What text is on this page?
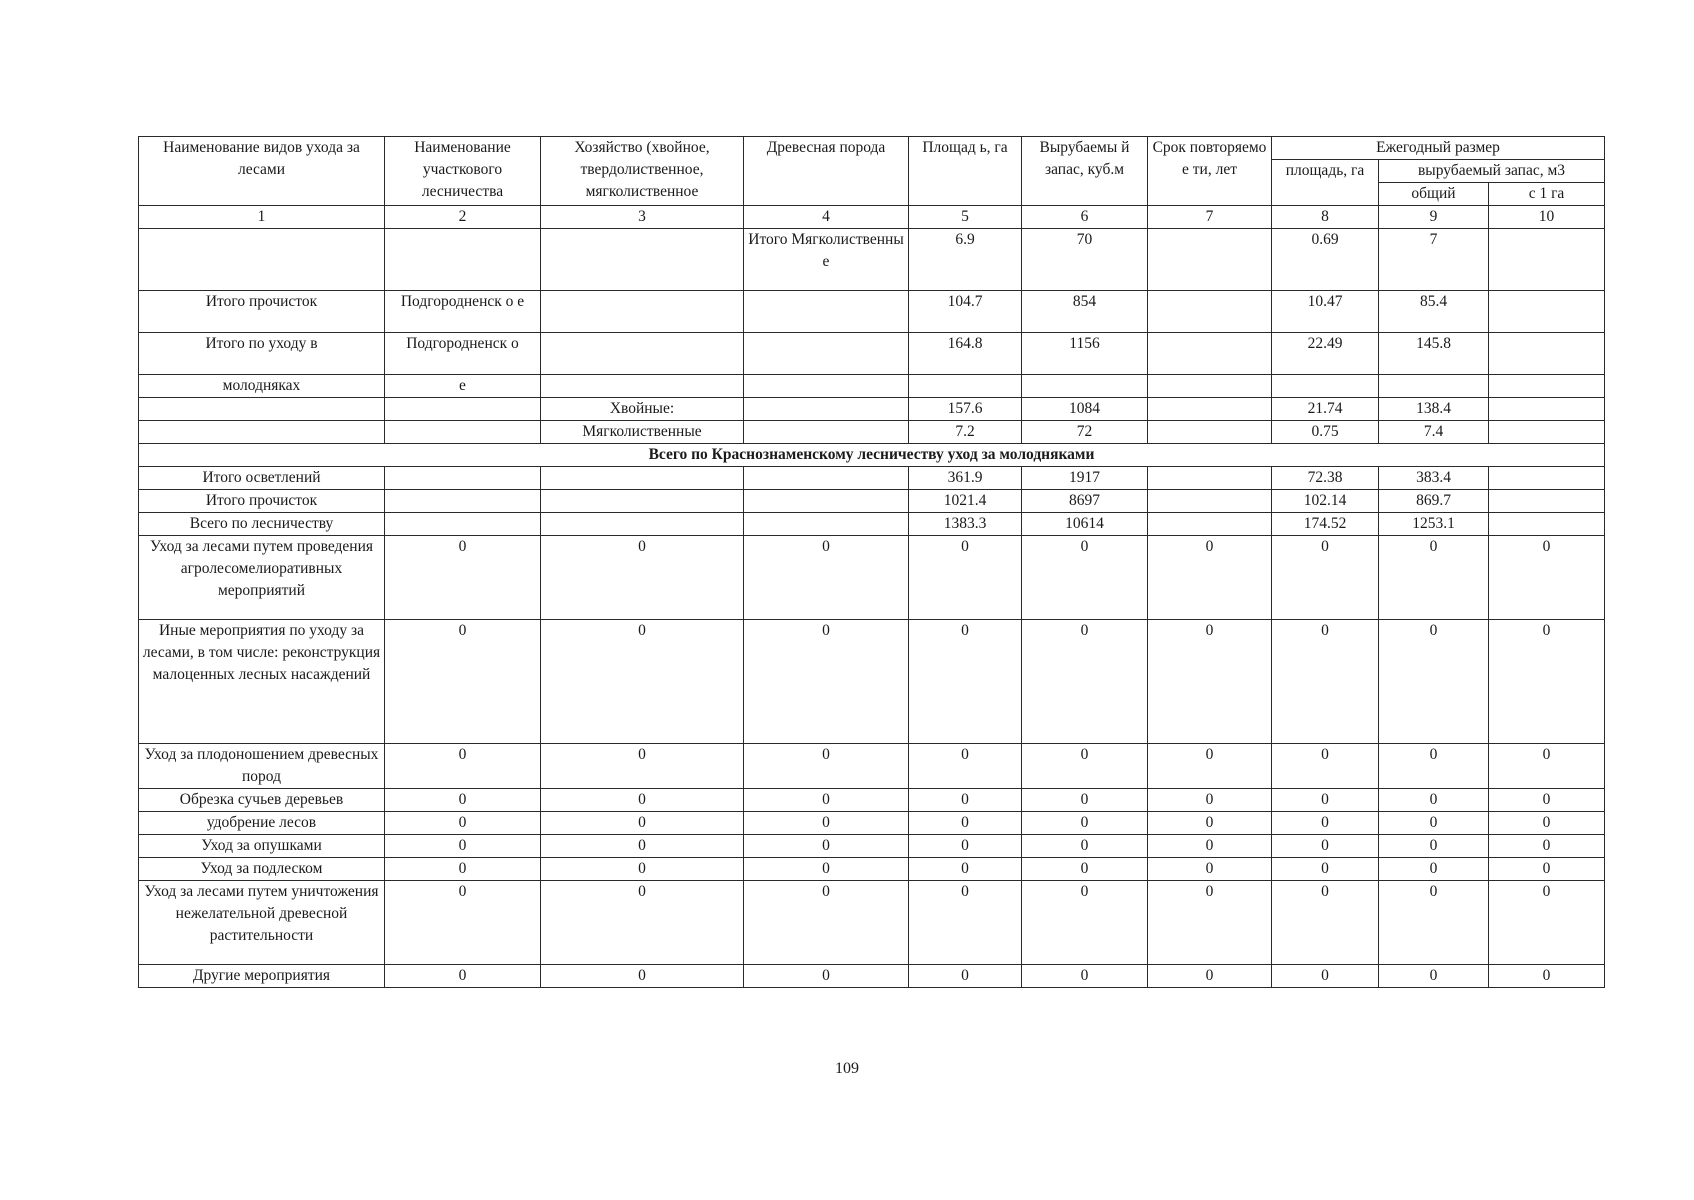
Наименование видов ухода за лесами	Наименование участкового лесничества	Хозяйство (хвойное, твердолиственное, мягколиственное	Древесная порода	Площад ь, га	Вырубаемы й запас, куб.м	Срок повторяемо е ти, лет	Ежегодный размер		
							площадь, га	вырубаемый запас, м3	
								общий	с 1 га
1	2	3	4	5	6	7	8	9	10
			Итого Мягколиственны е	6.9	70		0.69	7	
Итого прочисток	Подгородненск о е			104.7	854		10.47	85.4	
Итого по уходу в	Подгородненск о			164.8	1156		22.49	145.8	
молодняках	е								
		Хвойные:		157.6	1084		21.74	138.4	
		Мягколиственные		7.2	72		0.75	7.4	
Всего по Краснознаменскому лесничеству уход за молодняками									
Итого осветлений				361.9	1917		72.38	383.4	
Итого прочисток				1021.4	8697		102.14	869.7	
Всего по лесничеству				1383.3	10614		174.52	1253.1	
Уход за лесами путем проведения агролесомелиоративных мероприятий	0	0	0	0	0	0	0	0	0
Иные мероприятия по уходу за лесами, в том числе: реконструкция малоценных лесных насаждений	0	0	0	0	0	0	0	0	0
Уход за плодоношением древесных пород	0	0	0	0	0	0	0	0	0
Обрезка сучьев деревьев	0	0	0	0	0	0	0	0	0
удобрение лесов	0	0	0	0	0	0	0	0	0
Уход за опушками	0	0	0	0	0	0	0	0	0
Уход за подлеском	0	0	0	0	0	0	0	0	0
Уход за лесами путем уничтожения нежелательной древесной растительности	0	0	0	0	0	0	0	0	0
Другие мероприятия	0	0	0	0	0	0	0	0	0
109
